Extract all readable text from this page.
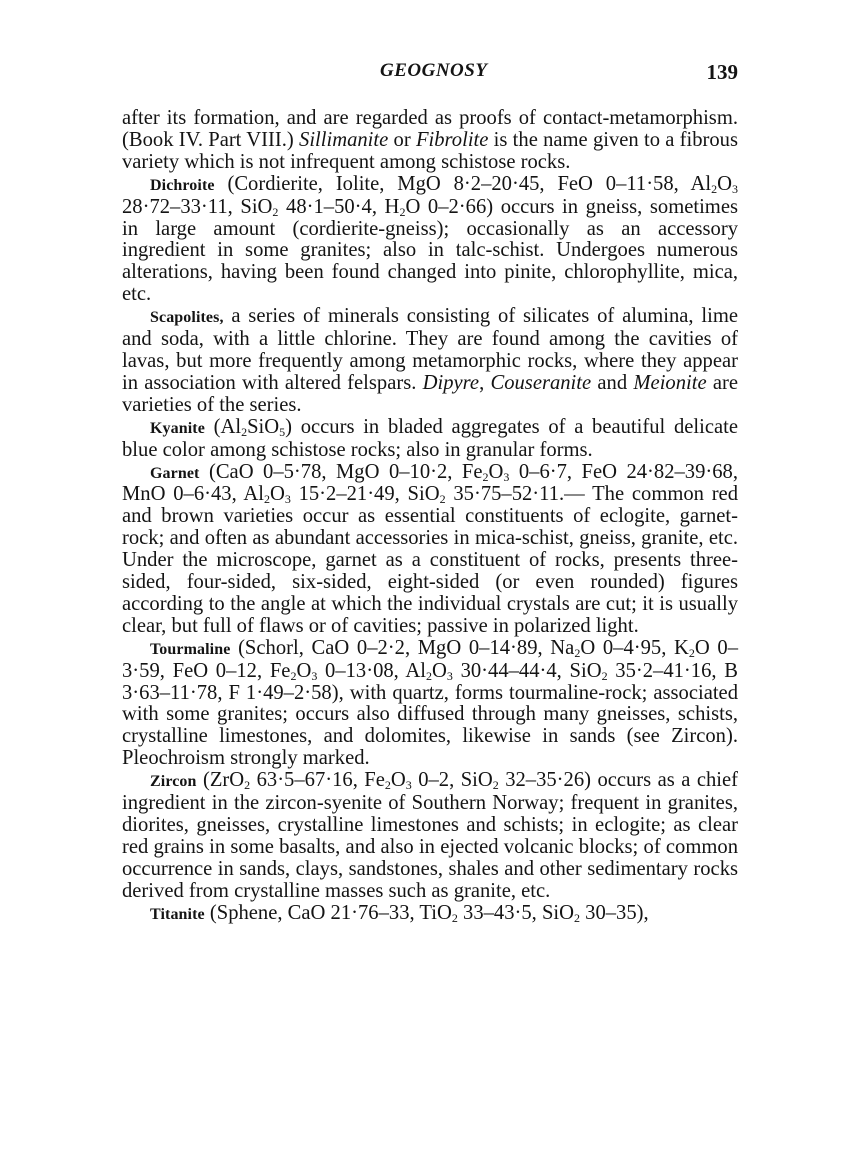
GEOGNOSY	139

after its formation, and are regarded as proofs of contact-metamorphism. (Book IV. Part VIII.) Sillimanite or Fibrolite is the name given to a fibrous variety which is not infrequent among schistose rocks.

Dichroite (Cordierite, Iolite, MgO 8·2–20·45, FeO 0–11·58, $Al_2O_3$ 28·72–33·11, SiO$_2$ 48·1–50·4, $H_2O$ 0–2·66) occurs in gneiss, sometimes in large amount (cordierite-gneiss); occasionally as an accessory ingredient in some granites; also in talc-schist. Undergoes numerous alterations, having been found changed into pinite, chlorophyllite, mica, etc.

Scapolites, a series of minerals consisting of silicates of alumina, lime and soda, with a little chlorine. They are found among the cavities of lavas, but more frequently among metamorphic rocks, where they appear in association with altered felspars. Dipyre, Couseranite and Meionite are varieties of the series.

Kyanite $(Al_2SiO_5)$ occurs in bladed aggregates of a beautiful delicate blue color among schistose rocks; also in granular forms.

Garnet (CaO 0–5·78, MgO 0–10·2, $Fe_2O_3$ 0–6·7, FeO 24·82–39·68, MnO 0–6·43, $Al_2O_3$ 15·2–21·49, SiO$_2$ 35·75–52·11.— The common red and brown varieties occur as essential constituents of eclogite, garnet-rock; and often as abundant accessories in mica-schist, gneiss, granite, etc. Under the microscope, garnet as a constituent of rocks, presents three-sided, four-sided, six-sided, eight-sided (or even rounded) figures according to the angle at which the individual crystals are cut; it is usually clear, but full of flaws or of cavities; passive in polarized light.

Tourmaline (Schorl, CaO 0–2·2, MgO 0–14·89, $Na_2O$ 0–4·95, $K_2O$ 0–3·59, FeO 0–12, $Fe_2O_3$ 0–13·08, $Al_2O_3$ 30·44–44·4, SiO$_2$ 35·2–41·16, B 3·63–11·78, F 1·49–2·58), with quartz, forms tourmaline-rock; associated with some granites; occurs also diffused through many gneisses, schists, crystalline limestones, and dolomites, likewise in sands (see Zircon). Pleochroism strongly marked.

Zircon (ZrO$_2$ 63·5–67·16, $Fe_2O_3$ 0–2, SiO$_2$ 32–35·26) occurs as a chief ingredient in the zircon-syenite of Southern Norway; frequent in granites, diorites, gneisses, crystalline limestones and schists; in eclogite; as clear red grains in some basalts, and also in ejected volcanic blocks; of common occurrence in sands, clays, sandstones, shales and other sedimentary rocks derived from crystalline masses such as granite, etc.

Titanite (Sphene, CaO 21·76–33, TiO$_2$ 33–43·5, SiO$_2$ 30–35),
